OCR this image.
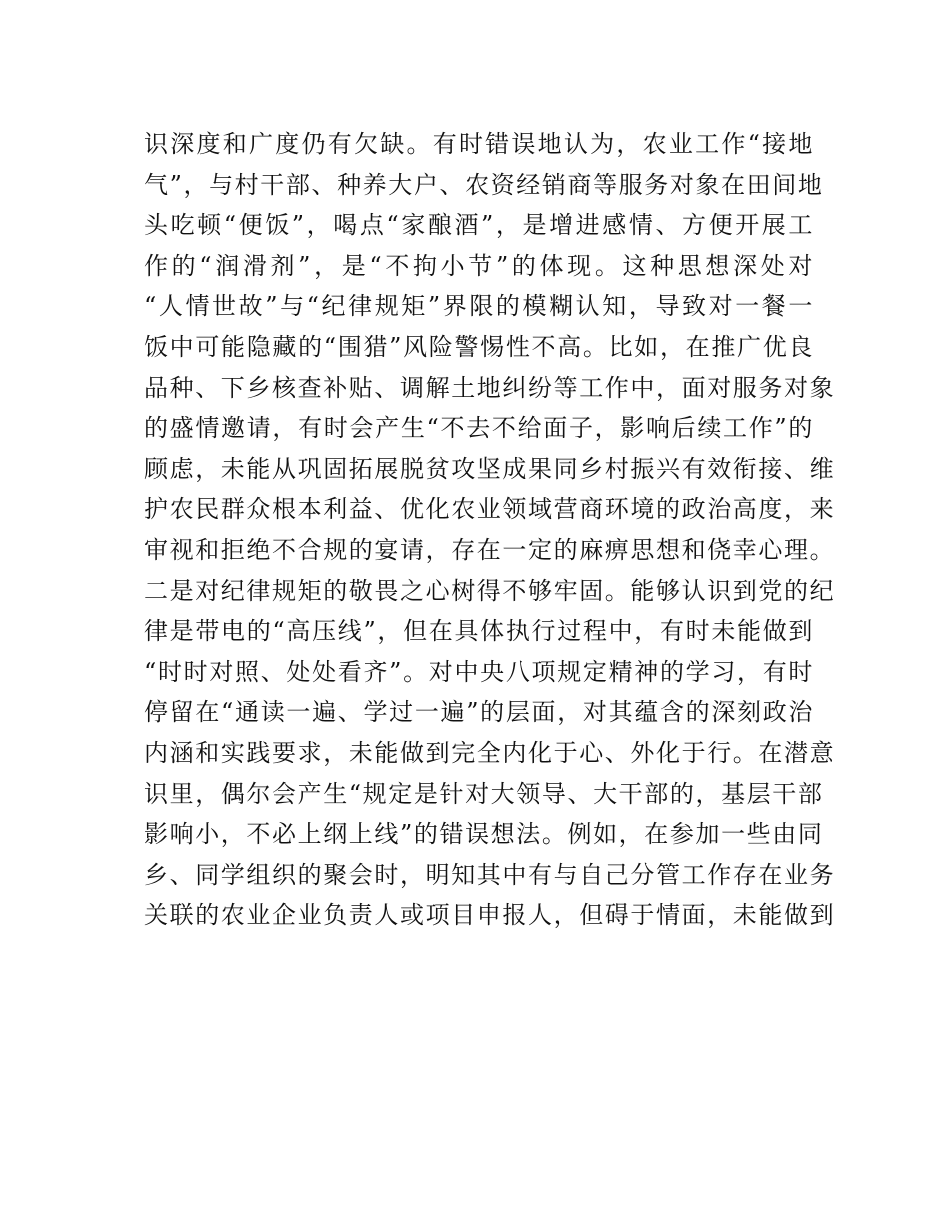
识深度和广度仍有欠缺。有时错误地认为，农业工作“接地
气”，与村干部、种养大户、农资经销商等服务对象在田间地
头吃顿“便饭”，喝点“家酿酒”，是增进感情、方便开展工
作的“润滑剂”，是“不拘小节”的体现。这种思想深处对
“人情世故”与“纪律规矩”界限的模糊认知，导致对一餐一
饭中可能隐藏的“围猎”风险警惕性不高。比如，在推广优良
品种、下乡核查补贴、调解土地纠纷等工作中，面对服务对象
的盛情邀请，有时会产生“不去不给面子，影响后续工作”的
顾虑，未能从巩固拓展脱贫攻坚成果同乡村振兴有效衔接、维
护农民群众根本利益、优化农业领域营商环境的政治高度，来
审视和拒绝不合规的宴请，存在一定的麻痹思想和侥幸心理。
二是对纪律规矩的敬畏之心树得不够牢固。能够认识到党的纪
律是带电的“高压线”，但在具体执行过程中，有时未能做到
“时时对照、处处看齐”。对中央八项规定精神的学习，有时
停留在“通读一遍、学过一遍”的层面，对其蕴含的深刻政治
内涵和实践要求，未能做到完全内化于心、外化于行。在潜意
识里，偶尔会产生“规定是针对大领导、大干部的，基层干部
影响小，不必上纲上线”的错误想法。例如，在参加一些由同
乡、同学组织的聚会时，明知其中有与自己分管工作存在业务
关联的农业企业负责人或项目申报人，但碍于情面，未能做到
